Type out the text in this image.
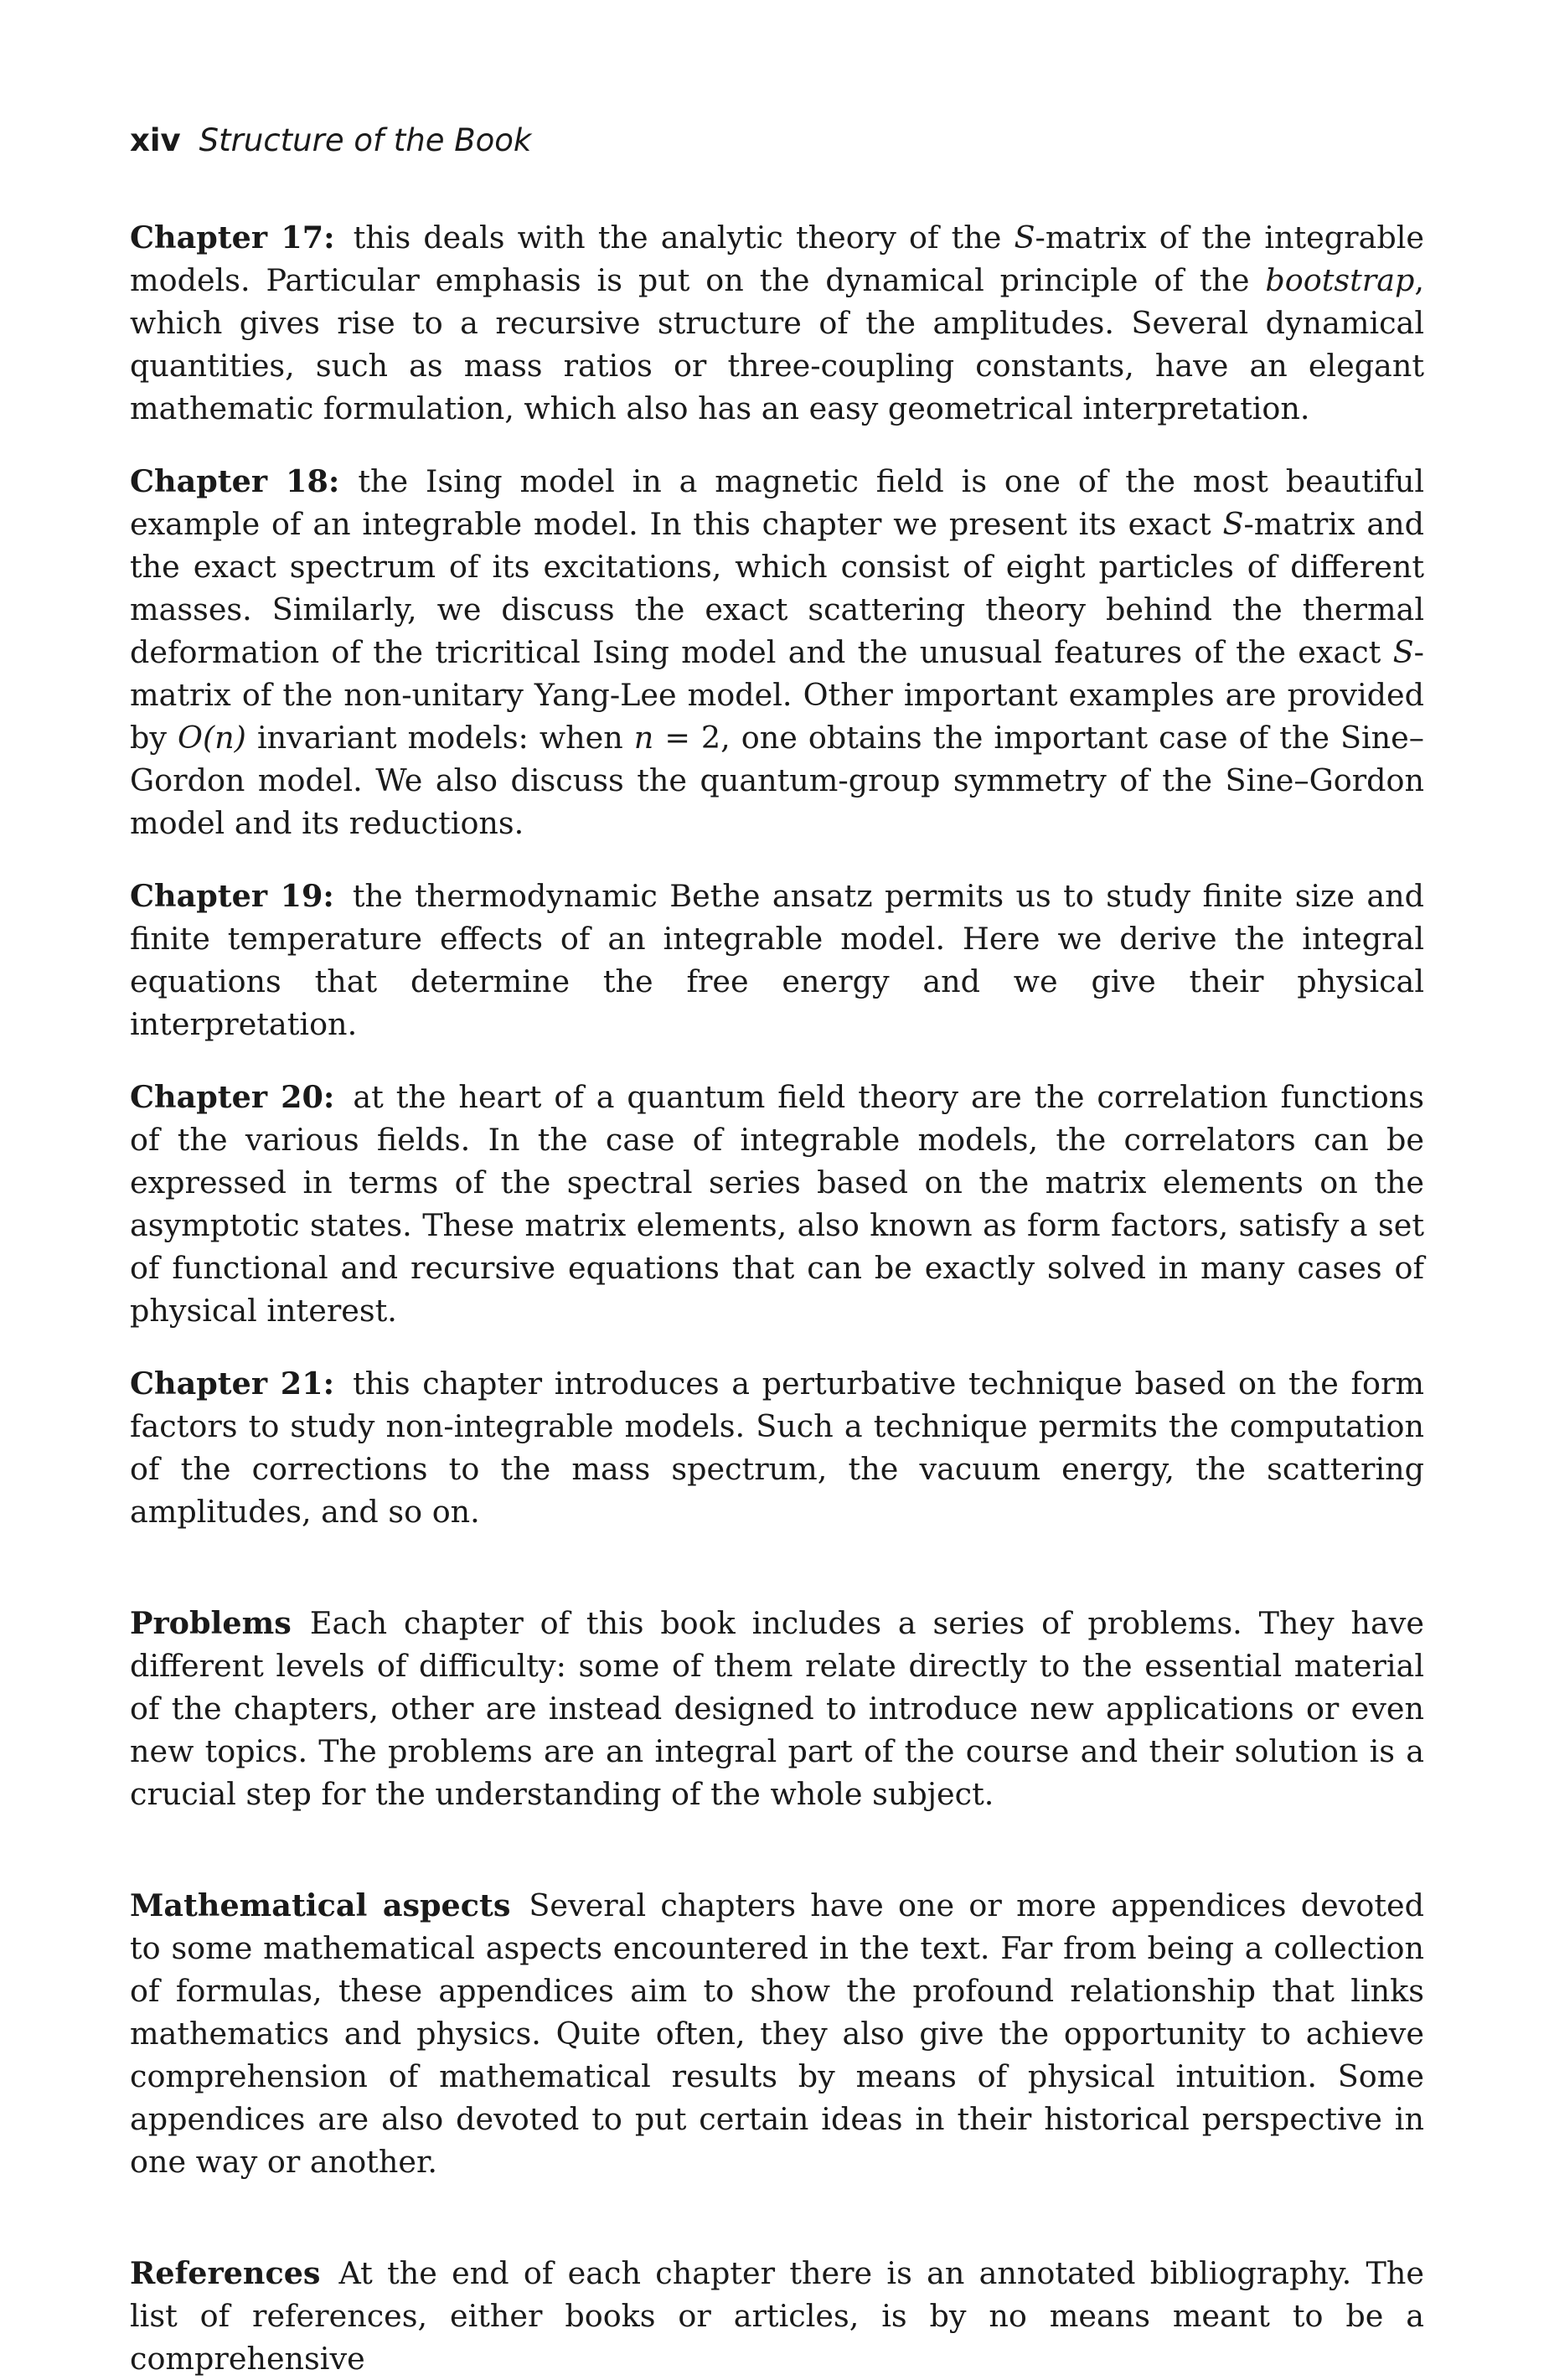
xiv Structure of the Book

Chapter 17: this deals with the analytic theory of the S-matrix of the integrable models. Particular emphasis is put on the dynamical principle of the bootstrap, which gives rise to a recursive structure of the amplitudes. Several dynamical quantities, such as mass ratios or three-coupling constants, have an elegant mathematic formulation, which also has an easy geometrical interpretation.

Chapter 18: the Ising model in a magnetic field is one of the most beautiful example of an integrable model. In this chapter we present its exact S-matrix and the exact spectrum of its excitations, which consist of eight particles of different masses. Similarly, we discuss the exact scattering theory behind the thermal deformation of the tricritical Ising model and the unusual features of the exact S-matrix of the non-unitary Yang-Lee model. Other important examples are provided by O(n) invariant models: when n = 2, one obtains the important case of the Sine–Gordon model. We also discuss the quantum-group symmetry of the Sine–Gordon model and its reductions.

Chapter 19: the thermodynamic Bethe ansatz permits us to study finite size and finite temperature effects of an integrable model. Here we derive the integral equations that determine the free energy and we give their physical interpretation.

Chapter 20: at the heart of a quantum field theory are the correlation functions of the various fields. In the case of integrable models, the correlators can be expressed in terms of the spectral series based on the matrix elements on the asymptotic states. These matrix elements, also known as form factors, satisfy a set of functional and recursive equations that can be exactly solved in many cases of physical interest.

Chapter 21: this chapter introduces a perturbative technique based on the form factors to study non-integrable models. Such a technique permits the computation of the corrections to the mass spectrum, the vacuum energy, the scattering amplitudes, and so on.

Problems Each chapter of this book includes a series of problems. They have different levels of difficulty: some of them relate directly to the essential material of the chapters, other are instead designed to introduce new applications or even new topics. The problems are an integral part of the course and their solution is a crucial step for the understanding of the whole subject.

Mathematical aspects Several chapters have one or more appendices devoted to some mathematical aspects encountered in the text. Far from being a collection of formulas, these appendices aim to show the profound relationship that links mathematics and physics. Quite often, they also give the opportunity to achieve comprehension of mathematical results by means of physical intuition. Some appendices are also devoted to put certain ideas in their historical perspective in one way or another.

References At the end of each chapter there is an annotated bibliography. The list of references, either books or articles, is by no means meant to be a comprehensive
